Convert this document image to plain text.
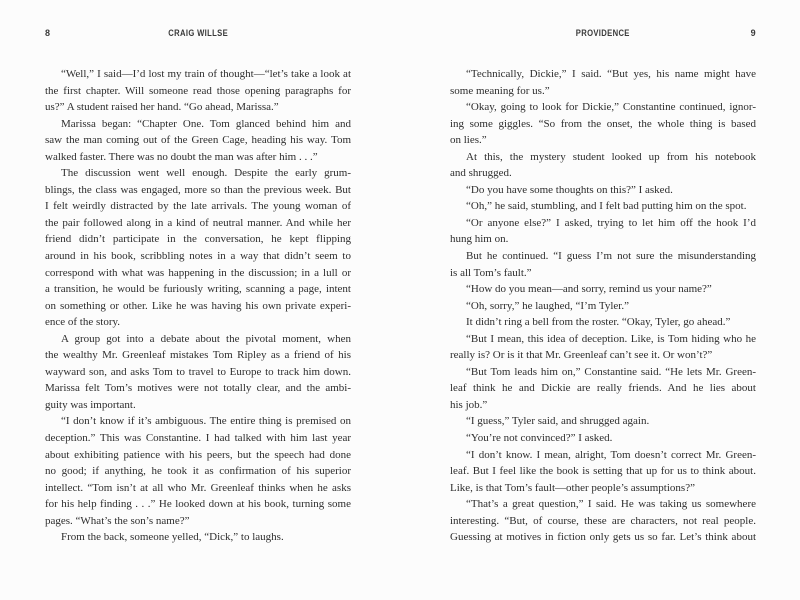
8	CRAIG WILLSE
“Well,” I said—I’d lost my train of thought—“let’s take a look at
the first chapter. Will someone read those opening paragraphs for
us?” A student raised her hand. “Go ahead, Marissa.”
Marissa began: “Chapter One. Tom glanced behind him and
saw the man coming out of the Green Cage, heading his way. Tom
walked faster. There was no doubt the man was after him . . .”
The discussion went well enough. Despite the early grum-
blings, the class was engaged, more so than the previous week. But
I felt weirdly distracted by the late arrivals. The young woman of
the pair followed along in a kind of neutral manner. And while her
friend didn’t participate in the conversation, he kept flipping
around in his book, scribbling notes in a way that didn’t seem to
correspond with what was happening in the discussion; in a lull or
a transition, he would be furiously writing, scanning a page, intent
on something or other. Like he was having his own private experi-
ence of the story.
A group got into a debate about the pivotal moment, when
the wealthy Mr. Greenleaf mistakes Tom Ripley as a friend of his
wayward son, and asks Tom to travel to Europe to track him down.
Marissa felt Tom’s motives were not totally clear, and the ambi-
guity was important.
“I don’t know if it’s ambiguous. The entire thing is premised on
deception.” This was Constantine. I had talked with him last year
about exhibiting patience with his peers, but the speech had done
no good; if anything, he took it as confirmation of his superior
intellect. “Tom isn’t at all who Mr. Greenleaf thinks when he asks
for his help finding . . .” He looked down at his book, turning some
pages. “What’s the son’s name?”
From the back, someone yelled, “Dick,” to laughs.
PROVIDENCE	9
“Technically, Dickie,” I said. “But yes, his name might have
some meaning for us.”
“Okay, going to look for Dickie,” Constantine continued, ignor-
ing some giggles. “So from the onset, the whole thing is based
on lies.”
At this, the mystery student looked up from his notebook
and shrugged.
“Do you have some thoughts on this?” I asked.
“Oh,” he said, stumbling, and I felt bad putting him on the spot.
“Or anyone else?” I asked, trying to let him off the hook I’d
hung him on.
But he continued. “I guess I’m not sure the misunderstanding
is all Tom’s fault.”
“How do you mean—and sorry, remind us your name?”
“Oh, sorry,” he laughed, “I’m Tyler.”
It didn’t ring a bell from the roster. “Okay, Tyler, go ahead.”
“But I mean, this idea of deception. Like, is Tom hiding who he
really is? Or is it that Mr. Greenleaf can’t see it. Or won’t?”
“But Tom leads him on,” Constantine said. “He lets Mr. Green-
leaf think he and Dickie are really friends. And he lies about
his job.”
“I guess,” Tyler said, and shrugged again.
“You’re not convinced?” I asked.
“I don’t know. I mean, alright, Tom doesn’t correct Mr. Green-
leaf. But I feel like the book is setting that up for us to think about.
Like, is that Tom’s fault—other people’s assumptions?”
“That’s a great question,” I said. He was taking us somewhere
interesting. “But, of course, these are characters, not real people.
Guessing at motives in fiction only gets us so far. Let’s think about
